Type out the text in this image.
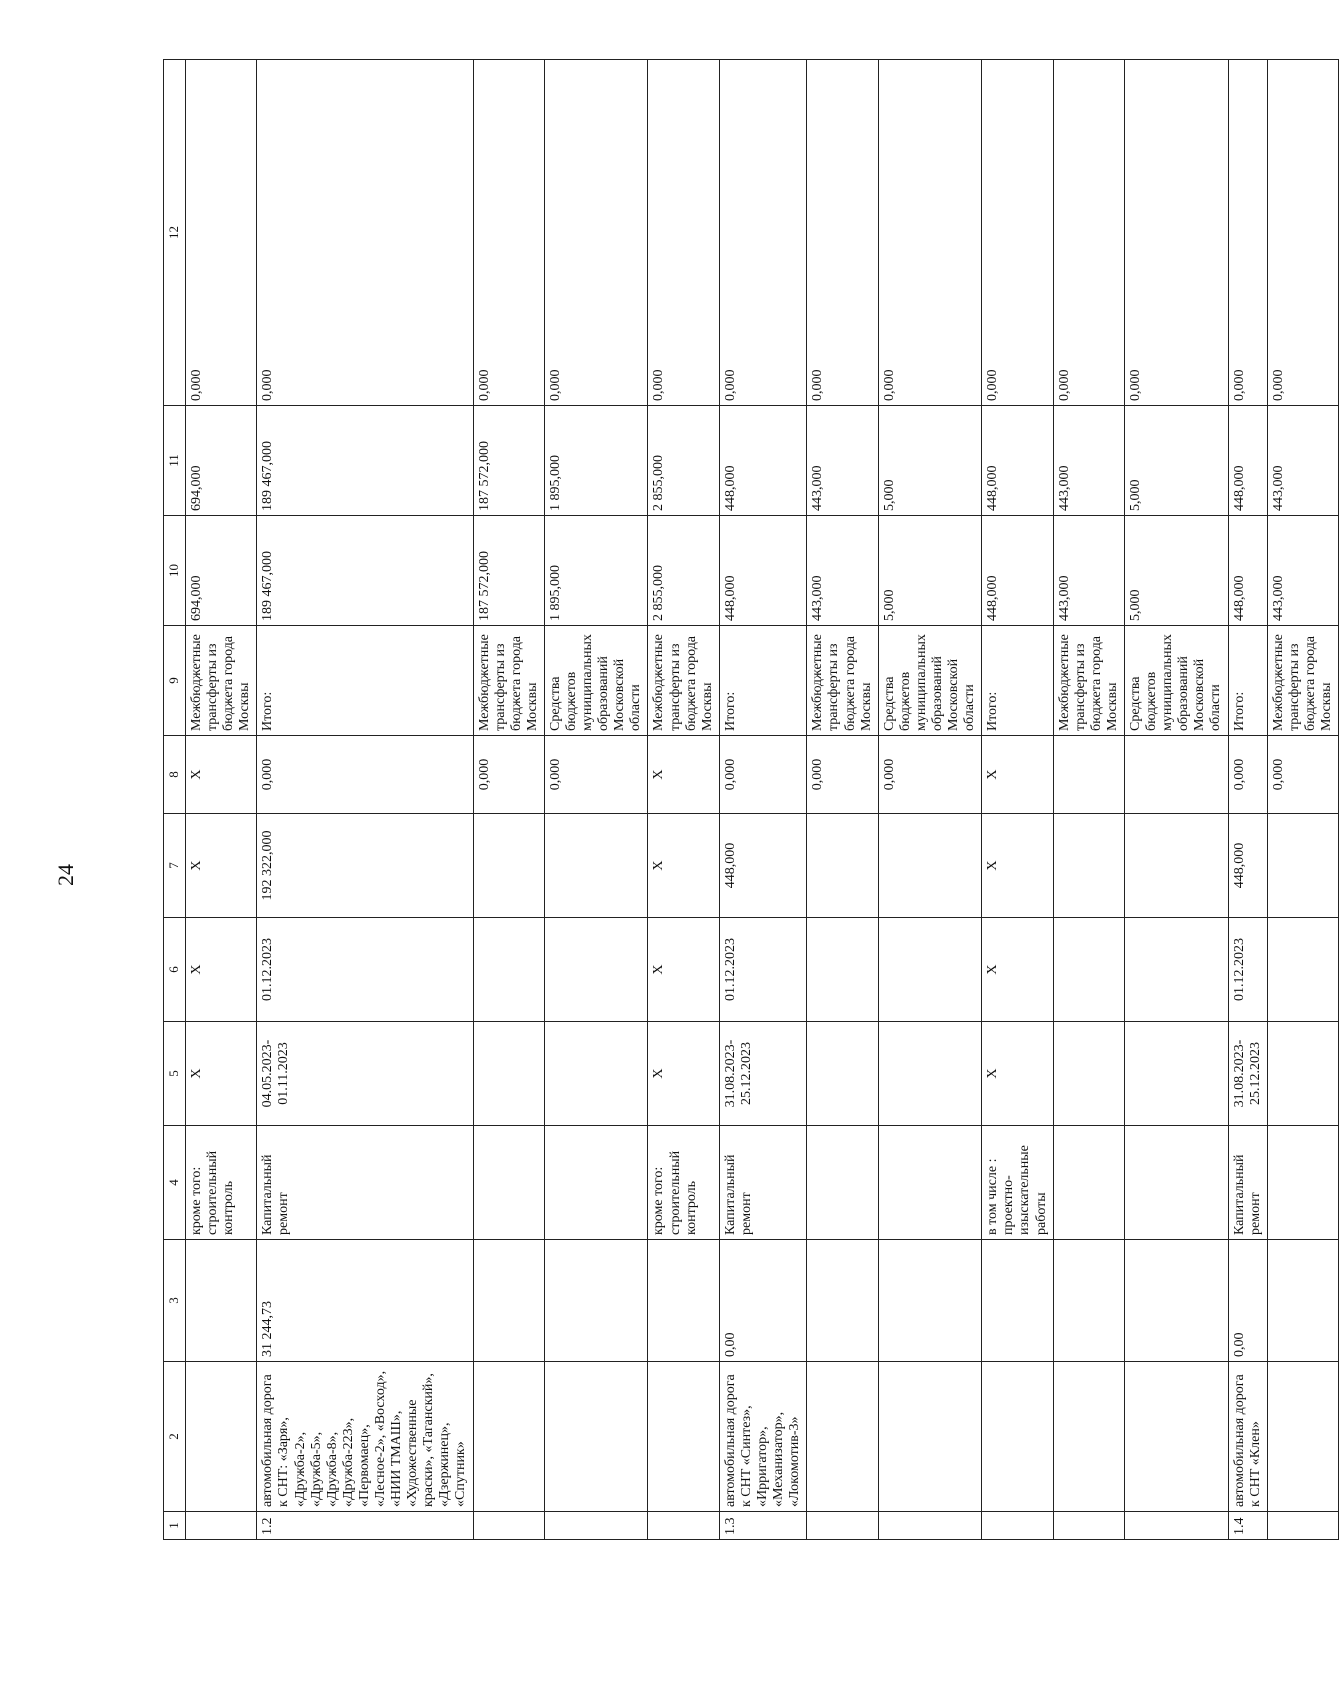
24
1	2	3	4	5	6	7	8	9	10	11	12
			кроме того: строительный контроль	X	X	X	X	Межбюджетные трансферты из бюджета города Москвы	694,000	694,000	0,000
1.2	автомобильная дорога к СНТ: «Заря», «Дружба-2», «Дружба-5», «Дружба-8», «Дружба-223», «Первомаец», «Лесное-2», «Восход», «НИИ ТМАШ», «Художественные краски», «Таганский», «Дзержинец», «Спутник»	31 244,73	Капитальный ремонт	04.05.2023-01.11.2023	01.12.2023	192 322,000	0,000	Итого:	189 467,000	189 467,000	0,000
							0,000	Межбюджетные трансферты из бюджета города Москвы	187 572,000	187 572,000	0,000
							0,000	Средства бюджетов муниципальных образований Московской области	1 895,000	1 895,000	0,000
			кроме того: строительный контроль	X	X	X	X	Межбюджетные трансферты из бюджета города Москвы	2 855,000	2 855,000	0,000
1.3	автомобильная дорога к СНТ «Синтез», «Ирригатор», «Механизатор», «Локомотив-3»	0,00	Капитальный ремонт	31.08.2023-25.12.2023	01.12.2023	448,000	0,000	Итого:	448,000	448,000	0,000
							0,000	Межбюджетные трансферты из бюджета города Москвы	443,000	443,000	0,000
							0,000	Средства бюджетов муниципальных образований Московской области	5,000	5,000	0,000
			в том числе : проектно-изыскательные работы	X	X	X	X	Итого:	448,000	448,000	0,000
								Межбюджетные трансферты из бюджета города Москвы	443,000	443,000	0,000
								Средства бюджетов муниципальных образований Московской области	5,000	5,000	0,000
1.4	автомобильная дорога к СНТ «Клен»	0,00	Капитальный ремонт	31.08.2023-25.12.2023	01.12.2023	448,000	0,000	Итого:	448,000	448,000	0,000
							0,000	Межбюджетные трансферты из бюджета города Москвы	443,000	443,000	0,000
